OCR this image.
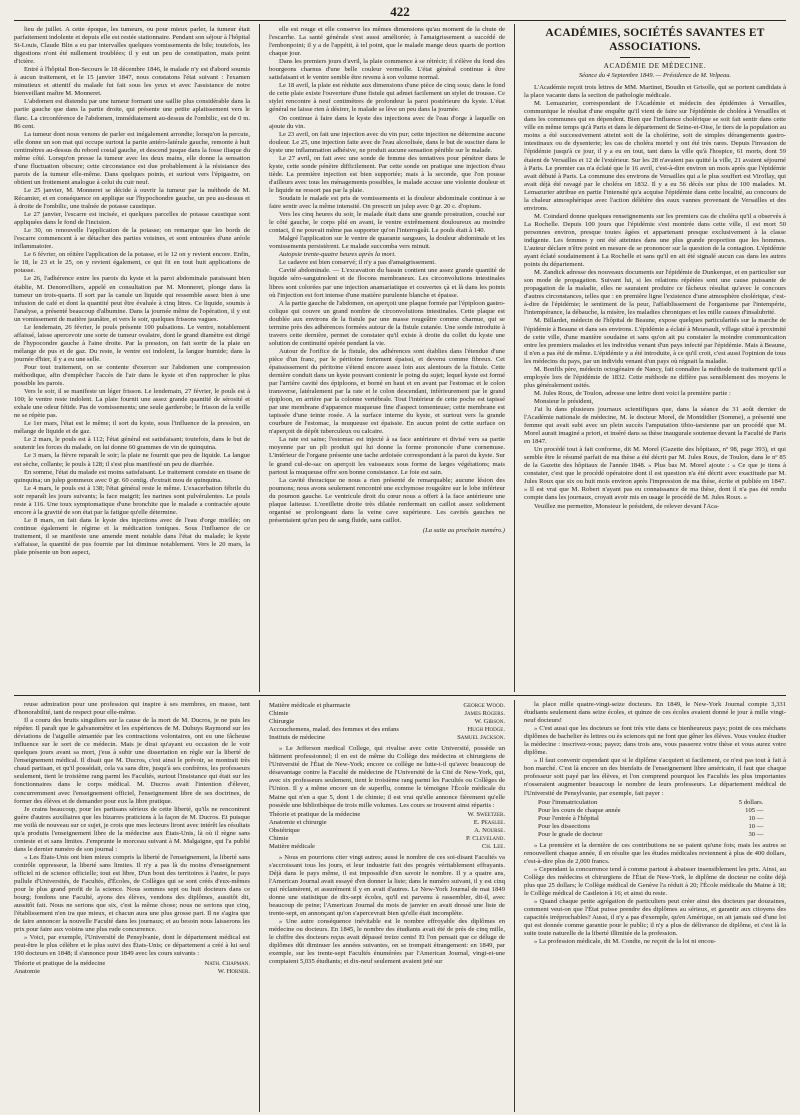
422

lieu de juillet. A cette époque, les tumeurs, ou pour mieux parler, la tumeur était parfaitement indolente et depuis elle est restée stationnaire. Pendant son séjour à l'hôpital St-Louis, Claude Blin a eu par intervalles quelques vomissements de bile; toutefois, les digestions n'ont été nullement troublées; il y eut un peu de constipation, mais point d'ictère.

Entré à l'hôpital Bon-Secours le 18 décembre 1846, le malade n'y est d'abord soumis à aucun traitement, et le 15 janvier 1847, nous constatons l'état suivant : l'examen minutieux et attentif du malade fut fait sous les yeux et avec l'assistance de notre bienveillant maître M. Monneret.

L'abdomen est distendu par une tumeur formant une saillie plus considérable dans la partie gauche que dans la partie droite, qui présente une petite aplatissement vers le flanc. La circonférence de l'abdomen, immédiatement au-dessus de l'ombilic, est de 0 m. 86 cent.

La tumeur dont nous venons de parler est inégalement arrondie; lorsqu'on la percute, elle donne un son mat qui occupe surtout la partie antéro-latérale gauche, remonte à huit centimètres au-dessus du rebord costal gauche, et descend jusque dans la fosse iliaque du même côté. Lorsqu'on presse la tumeur avec les deux mains, elle donne la sensation d'une fluctuation obscure; cette circonstance est due probablement à la résistance des parois de la tumeur elle-même. Dans quelques points, et surtout vers l'épigastre, on obtient un frottement analogue à celui du cuir neuf.

Le 25 janvier, M. Monneret se décide à ouvrir la tumeur par la méthode de M. Récamier, et en conséquence on applique sur l'hypochondre gauche, un peu au-dessus et à droite de l'ombilic, une traînée de potasse caustique.

Le 27 janvier, l'escarre est incisée, et quelques parcelles de potasse caustique sont appliquées dans le fond de l'incision.

Le 30, on renouvelle l'application de la potasse; on remarque que les bords de l'escarre commencent à se détacher des parties voisines, et sont entourées d'une aréole inflammatoire.

Le 6 février, on réitère l'application de la potasse, et le 12 on y revient encore. Enfin, le 18, le 23 et le 25, on y revient également, ce qui fit en tout huit applications de potasse.

Le 26, l'adhérence entre les parois du kyste et la paroi abdominale paraissant bien établie, M. Denonvilliers, appelé en consultation par M. Monneret, plonge dans la tumeur un trois-quarts. Il sort par la canule un liquide qui ressemble assez bien à une infusion de café et dont la quantité peut être évaluée à cinq litres. Ce liquide, soumis à l'analyse, a présenté beaucoup d'albumine. Dans la journée même de l'opération, il y eut un vomissement de matière jaunâtre, et vers le soir, quelques frissons vagues.

Le lendemain, 26 février, le pouls présente 100 pulsations. Le ventre, notablement affaissé, laisse apercevoir une sorte de tumeur ovalaire, dont le grand diamètre est dirigé de l'hypocondre gauche à l'aine droite. Par la pression, on fait sortir de la plaie un mélange de pus et de gaz. Du reste, le ventre est indolent, la langue humide; dans la journée d'hier, il y a eu une selle.

Pour tout traitement, on se contente d'exercer sur l'abdomen une compression méthodique, afin d'empêcher l'accès de l'air dans le kyste et d'en rapprocher le plus possible les parois.

Vers le soir, il se manifeste un léger frisson. Le lendemain, 27 février, le pouls est à 100; le ventre reste indolent. La plaie fournit une assez grande quantité de sérosité et exhale une odeur fétide. Pas de vomissements; une seule garderobe; le frisson de la veille ne se répète pas.

Le 1er mars, l'état est le même; il sort du kyste, sous l'influence de la pression, un mélange de liquide et de gaz.

Le 2 mars, le pouls est à 112; l'état général est satisfaisant; toutefois, dans le but de soutenir les forces du malade, on lui donne 60 grammes de vin de quinquina.

Le 3 mars, la fièvre reparaît le soir; la plaie ne fournit que peu de liquide. La langue est sèche, collante; le pouls à 128; il s'est plus manifesté un peu de diarrhée.

En somme, l'état du malade est moins satisfaisant. Le traitement consiste en tisane de quinquina; un julep gommeux avec 0 gr. 60 centig. d'extrait mou de quinquina.

Le 4 mars, le pouls est à 138; l'état général reste le même. L'exacerbation fébrile du soir reparaît les jours suivants; la face maigrit; les narines sont pulvérulentes. Le pouls reste à 116. Une toux symptomatique d'une bronchite que le malade a contractée ajoute encore à la gravité de son état par la fatigue qu'elle détermine.

Le 8 mars, on fait dans le kyste des injections avec de l'eau d'orge miellée; on continue également le régime et la médication toniques. Sous l'influence de ce traitement, il se manifeste une amende ment notable dans l'état du malade; le kyste s'affaisse, la quantité de pus fournie par lui diminue notablement. Vers le 20 mars, la plaie présente un bon aspect,

elle est rouge et elle conserve les mêmes dimensions qu'au moment de la chute de l'escarrhe. La santé générale s'est aussi améliorée; à l'amaigrissement a succédé de l'embonpoint; il y a de l'appétit, à tel point, que le malade mange deux quarts de portion chaque jour.

Dans les premiers jours d'avril, la plaie commence à se rétrécir; il s'élève du fond des bourgeons charnus d'une belle couleur vermeille. L'état général continue à être satisfaisant et le ventre semble être revenu à son volume normal.

Le 18 avril, la plaie est réduite aux dimensions d'une pièce de cinq sous; dans le fond de cette plaie existe l'ouverture d'une fistule qui admet facilement un stylet de trousse. Ce stylet rencontre à neuf centimètres de profondeur la paroi postérieure du kyste. L'état général ne laisse rien à désirer, le malade se lève un peu dans la journée.

On continue à faire dans le kyste des injections avec de l'eau d'orge à laquelle on ajoute du vin.

Le 23 avril, on fait une injection avec du vin pur; cette injection ne détermine aucune douleur. Le 25, une injection faite avec de l'eau alcoolisée, dans le but de susciter dans le kyste une inflammation adhésive, ne produit aucune sensation pénible sur le malade.

Le 27 avril, on fait avec une sonde de femme des tentatives pour pénétrer dans le kyste, cette sonde pénètre difficilement. Par cette sonde on pratique une injection d'eau tiède. La première injection est bien supportée; mais à la seconde, que l'on pousse d'ailleurs avec tous les ménagements possibles, le malade accuse une violente douleur et le liquide ne ressort pas par la plaie.

Soudain le malade est pris de vomissements et la douleur abdominale continue à se faire sentir avec la même intensité. On prescrit un julep avec 0 gr. 20 c. d'opium.

Vers les cinq heures du soir, le malade était dans une grande prostration, couché sur le côté gauche, le corps plié en avant, le ventre extrêmement douloureux au moindre contact, il ne pouvait même pas supporter qu'on l'interrogeât. Le pouls était à 140.

Malgré l'application sur le ventre de quarante sangsues, la douleur abdominale et les vomissements persistèrent. Le malade succomba vers minuit.

Autopsie trente-quatre heures après la mort.

Le cadavre est bien conservé; il n'y a pas d'amaigrissement.

Cavité abdominale. — L'excavation du bassin contient une assez grande quantité de liquide séro-sanguinolent et de flocons membraneux. Les circonvolutions intestinales libres sont colorées par une injection anamariatique et couvertes çà et là dans les points où l'injection est fort intense d'une matière purulente blanche et épaisse.

A la partie gauche de l'abdomen, on aperçoit une plaque formée par l'épiploon gastro-colique qui couvre un grand nombre de circonvolutions intestinales. Cette plaque est doublée aux environs de la fistule par une masse rougeâtre comme charnue, qui se termine près des adhérences formées autour de la fistule cutanée. Une sonde introduite à travers cette dernière, permet de constater qu'il existe à droite du collet du kyste une solution de continuité opérée pendant la vie.

Autour de l'orifice de la fistule, des adhérences sont établies dans l'étendue d'une pièce d'un franc, par le péritoine fortement épaissi, et devenu comme fibreux. Cet épaississement du péritoine s'étend encore assez loin aux alentours de la fistule. Cette dernière conduit dans un kyste pouvant contenir le poing du sujet; lequel kyste est formé par l'arrière cavité des épiploons, et borné en haut et en avant par l'estomac et le colon transverse, latéralement par la rate et le colon descendant, inférieurement par le grand épiploon, en arrière par la colonne vertébrale. Tout l'intérieur de cette poche est tapissé par une membrane d'apparence muqueuse fine d'aspect tomenteuse; cette membrane est tapissée d'une teinte rosée. A la surface interne du kyste, et surtout vers la grande courbure de l'estomac, la muqueuse est épaissie. En aucun point de cette surface on n'aperçoit de dépôt tuberculeux ou calcaire.

La rate est saine; l'estomac est injecté à sa face antérieure et divisé vers sa partie moyenne par un pli produit qui lui donne la forme prononcée d'une cornemuse. L'intérieur de l'organe présente une tache ardoisée correspondant à la paroi du kyste. Sur le grand cul-de-sac on aperçoit les vaisseaux sous forme de larges végétations; mais partout la muqueuse offre son bonne consistance. Le foie est sain.

La cavité thoracique ne nous a rien présenté de remarquable; aucune lésion des poumons; nous avons seulement rencontré une ecchymose rougeâtre sur le lobe inférieur du poumon gauche. Le ventricule droit du cœur nous a offert à la face antérieure une plaque laiteuse. L'oreillette droite très dilatée renfermait un caillot assez solidement organisé se prolongeant dans la veine cave supérieure. Les cavités gauches ne présentaient qu'un peu de sang fluide, sans caillot.

(La suite au prochain numéro.)
ACADÉMIES, SOCIÉTÉS SAVANTES ET ASSOCIATIONS.
ACADÉMIE DE MÉDECINE.
Séance du 4 Septembre 1849. — Présidence de M. Velpeau.

L'Académie reçoit trois lettres de MM. Martinet, Boudin et Grisolle, qui se portent candidats à la place vacante dans la section de pathologie médicale.

M. Lemazurier, correspondant de l'Académie et médecin des épidémies à Versailles, communique le résultat d'une enquête qu'il vient de faire sur l'épidémie de choléra à Versailles et dans les communes qui en dépendent. Bien que l'influence cholérique se soit fait sentir dans cette ville en même temps qu'à Paris et dans le département de Seine-et-Oise, le tiers de la population au moins a été successivement atteint soit de la cholérine, soit de simples dérangements gastro-intestinaux ou de dysenterie; les cas de choléra mortel y ont été très rares. Depuis l'invasion de l'épidémie jusqu'à ce jour, il y a eu en tout, tant dans la ville qu'à l'hospice, 61 morts, dont 59 étaient de Versailles et 12 de l'extérieur. Sur les 28 n'avaient pas quitté la ville, 21 avaient séjourné à Paris. Le premier cas n'a éclaté que le 16 avril, c'est-à-dire environ un mois après que l'épidémie avait débuté à Paris. La commune des environs de Versailles qui a le plus souffert est Viroflay, qui avait déjà été ravagé par le choléra en 1832. Il y a eu 56 décès sur plus de 100 malades. M. Lemazurier attribue en partie l'intensité qu'a acquise l'épidémie dans cette localité, au concours de la chaleur atmosphérique avec l'action délétère des eaux vannes provenant de Versailles et des environs.

M. Coindard donne quelques renseignements sur les premiers cas de choléra qu'il a observés à La Rochelle. Depuis 100 jours que l'épidémie s'est montrée dans cette ville, il est mort 50 personnes environ, presque toutes âgées et appartenant presque exclusivement à la classe indigente. Les femmes y ont été atteintes dans une plus grande proportion que les hommes. L'auteur déclare n'être point en mesure de se prononcer sur la question de la contagion. L'épidémie ayant éclaté soudainement à La Rochelle et sans qu'il en ait été signalé aucun cas dans les autres points du département.

M. Zandick adresse des nouveaux documents sur l'épidémie de Dunkerque, et en particulier sur son mode de propagation. Suivant lui, si les relations répétées sont une cause puissante de propagation de la maladie, elles ne sauraient produire ce fâcheux résultat qu'avec le concours d'autres circonstances, telles que : en première ligne l'existence d'une atmosphère cholérique, c'est-à-dire de l'épidémie; le sentiment de la peur, l'affaiblissement de l'organisme par l'intempérie, l'intempérance, la débauche, la misère, les maladies chroniques et les mille causes d'insalubrité.

M. Billardet, médecin de l'hôpital de Beaune, expose quelques particularités sur la marche de l'épidémie à Beaune et dans ses environs. L'épidémie a éclaté à Meursault, village situé à proximité de cette ville, d'une manière soudaine et sans qu'on ait pu constater la moindre communication entre les premiers malades et les individus venant d'un pays infecté par l'épidémie. Mais à Beaune, il n'en a pas été de même. L'épidémie y a été introduite, à ce qu'il croit, c'est aussi l'opinion de tous les médecins du pays, par un individu venant d'un pays où régnait la maladie.

M. Bonfils père, médecin octogénaire de Nancy, fait connaître la méthode de traitement qu'il a employée lors de l'épidémie de 1832. Cette méthode ne diffère pas sensiblement des moyens le plus généralement usités.

M. Jules Roux, de Toulon, adresse une lettre dont voici la première partie :

Monsieur le président,

J'ai lu dans plusieurs journaux scientifiques que, dans la séance du 31 août dernier de l'Académie nationale de médecine, M. le docteur Morel, de Montdidier (Somme), a présenté une femme qui avait subi avec un plein succès l'amputation tibio-tarsienne par un procédé que M. Morel aurait imaginé a priori, et inséré dans sa thèse inaugurale soutenue devant la Faculté de Paris en 1847.

Un procédé tout à fait conforme, dit M. Morel (Gazette des hôpitaux, nº 98, page 393), et qui semble être le résumé parfait de ma thèse a été décrit par M. Jules Roux, de Toulon, dans le nº 85 de la Gazette des hôpitaux de l'année 1848. » Plus bas M. Morel ajoute : « Ce que je tiens à constater, c'est que le procédé opératoire dont il est question n'a été décrit avec exactitude par M. Jules Roux que six ou huit mois environ après l'impression de ma thèse, écrite et publiée en 1847. » Il est vrai que M. Robert n'ayant pas eu connaissance de ma thèse, dont il n'a pas été rendu compte dans les journaux, croyait avoir mis en usage le procédé de M. Jules Roux. »

Veuillez me permettre, Monsieur le président, de relever devant l'Aca-

reuse admiration pour une profession qui inspire à ses membres, en masse, tant d'honorabilité, tant de respect pour elle-même.

Il a couru des bruits singuliers sur la cause de la mort de M. Ducros, je ne puis les répéter. Il paraît que le galvanomètre et les expériences de M. Dubuys Raymond sur les déviations de l'aiguille aimantée par les contractions volontaires, ont eu une fâcheuse influence sur le sort de ce médecin. Mais je dirai qu'ayant eu occasion de le voir quelques jours avant sa mort, j'eus à subir une dissertation en règle sur la liberté de l'enseignement médical. Il disait que M. Ducros, c'est ainsi le prévoir, se montrait très chaud partisan, et qu'il possédait, cela va sans dire, jusqu'à ses confrères, les professeurs seulement, tient le troisième rang parmi les Facultés, surtout l'insistance qui était sur les fonctionnaires dans le corps médical. M. Ducros avait l'intention d'élever, concurremment avec l'enseignement officiel, l'enseignement libre de ses doctrines, de former des élèves et de demander pour eux la libre pratique.

Je crains beaucoup, pour les partisans sérieux de cette liberté, qu'ils ne rencontrent guère d'autres auxiliaires que les bizarres praticiens à la façon de M. Ducros. Et puisque me voilà de nouveau sur ce sujet, je crois que mes lecteurs liront avec intérêt les résultats qu'a produits l'enseignement libre de la médecine aux États-Unis, là où il règne sans conteste et et sans limites. J'emprunte le morceau suivant à M. Malgaigne, qui l'a publié dans le dernier numéro de son journal :

« Les États-Unis ont bien mieux compris la liberté de l'enseignement, la liberté sans contrôle oppresseur, la liberté sans limites. Il n'y a pas là du moins d'enseignement officiel ni de science officielle; tout est libre, D'un bout des territoires à l'autre, le pays pullule d'Universités, de Facultés, d'Écoles, de Collèges qui se sont créés d'eux-mêmes pour le plus grand profit de la science. Nous sommes sept ou huit docteurs dans ce bourg; fondons une Faculté, ayons des élèves, vendons des diplômes, aussitôt dit, aussitôt fait. Nous ne serions que six, c'est la même chose; nous ne serions que cinq, l'établissement n'en ira que mieux, et chacun aura une plus grosse part. Il ne s'agira que de faire annoncer la nouvelle Faculté dans les journaux; et au besoin nous laisserons les prix pour faire aux voisins une plus rude concurrence.

» Voici, par exemple, l'Université de Pensylvanie, dont le département médical est peut-être le plus célèbre et le plus suivi des États-Unis; ce département a créé à lui seul 190 docteurs en 1848; il s'annonce pour 1849 avec les cours suivants :

Théorie et pratique de la médecine	Nath. Chapman.
Anatomie	W. Horner.
Matière médicale et pharmacie	George Wood.
Chimie	James Rogers.
Chirurgie	W. Gibson.
Accouchemens, malad. des femmes et des enfans	Hugh Hodge.
Instituts de médecine	Samuel Jackson.

» Le Jefferson medical College, qui rivalise avec cette Université, possède un bâtiment professionnel; il en est de même du Collège des médecins et chirurgiens de l'Université de l'État de New-York; encore ce collège ne lutte-t-il qu'avec beaucoup de désavantage contre la Faculté de médecine de l'Université de la Cité de New-York, qui, avec six professeurs seulement, tient le troisième rang parmi les Facultés ou Collèges de l'Union. Il y a même encore un de superflu, comme le témoigne l'École médicale du Maine qui n'en a que 5, dont 1 de chimie; il est vrai qu'elle annonce fièrement qu'elle possède une bibliothèque de trois mille volumes. Les cours se trouvent ainsi répartis :

Théorie et pratique de la médecine	W. Sweetzer.
Anatomie et chirurgie	E. Peaslee.
Obstétrique	A. Nourse.
Chimie	P. Cleveland.
Matière médicale	Ch. Lee.

» Nous en pourrions citer vingt autres; aussi le nombre de ces soi-disant Facultés va s'accroissant tous les jours, et leur industrie fait des progrès véritablement effrayants. Déjà dans le pays même, il est impossible d'en savoir le nombre. Il y a quatre ans, l'American Journal avait essayé d'en donner la liste; dans le numéro suivant, il y est cinq qui réclamèrent, et assurément il y en avait d'autres. Le New-York Journal de mai 1849 donne une statistique de dix-sept écoles, qu'il est parvenu à rassembler, dit-il, avec beaucoup de peine; l'American Journal du mois de janvier en avait dressé une liste de trente-sept, en annonçant qu'on s'apercevrait bien qu'elle était incomplète.

» Une autre conséquence inévitable est le nombre effroyable des diplômes en médecine ou docteurs. En 1845, le nombre des étudiants avait été de près de cinq mille, le chiffre des docteurs reçus avait dépassé treize cents! Et l'on pensait que ce déluge de diplômes dût diminuer les années suivantes, on se trompait étrangement: en 1849, par exemple, sur les trente-sept Facultés énumérées par l'American Journal, vingt-et-une comptaient 5,035 étudiants; et dix-neuf seulement avaient jeté sur

la place mille quatre-vingt-seize docteurs. En 1849, le New-York Journal compte 3,331 étudiants seulement dans seize écoles, et quinze de ces écoles avaient donné le jour à mille vingt-neuf docteurs!

» C'est aussi que les docteurs se font très vite dans ce bienheureux pays; point de ces méchans diplômes de bachelier ès lettres ou ès sciences qui ne font que gêner les élèves. Vous voulez étudier la médecine : inscrivez-vous; payez; dans trois ans, vous passerez votre thèse et vous aurez votre diplôme.

» Il faut convenir cependant que si le diplôme s'acquiert si facilement, ce n'est pas tout à fait à bon marché. C'est là encore un des bienfaits de l'enseignement libre américain, il faut que chaque professeur soit payé par les élèves, et l'on comprend pourquoi les Facultés les plus importantes n'osseraient augmenter beaucoup le nombre de leurs professeurs. Le département médical de l'Université de Pensylvanie, par exemple, fait payer :

Pour l'immatriculation	5 dollars.
Pour les cours de chaque année	105 —
Pour l'entrée à l'hôpital	10 —
Pour les dissections	10 —
Pour le grade de docteur	30 —

» La première et la dernière de ces contributions ne se paient qu'une fois; mais les autres se renouvellent chaque année, il en résulte que les études médicales reviennent à plus de 400 dollars, c'est-à-dire plus de 2,000 francs.

» Cependant la concurrence tend à comme partout à abaisser insensiblement les prix. Ainsi, au Collège des médecins et chirurgiens de l'État de New-York, le diplôme de docteur ne coûte déjà plus que 25 dollars; le Collège médical de Genève l'a réduit à 20; l'École médicale du Maine à 18; le Collège médical de Castleton à 16; et ainsi du reste.

» Quand chaque petite agrégation de particuliers peut créer ainsi des docteurs par douzaines, comment veut-on que l'État puisse prendre des diplômes au sérieux, et garantir aux citoyens des capacités irréprochables? Aussi, il n'y a pas d'exemple, qu'en Amérique, on ait jamais usé d'une loi qui est donnée comme garantie pour le public; il n'y a plus de délivrance de diplôme, et c'est là la suite toute naturelle de la liberté illimitée de la profession.

» La profession médicale, dit M. Condie, ne reçoit de la loi ni encou-
